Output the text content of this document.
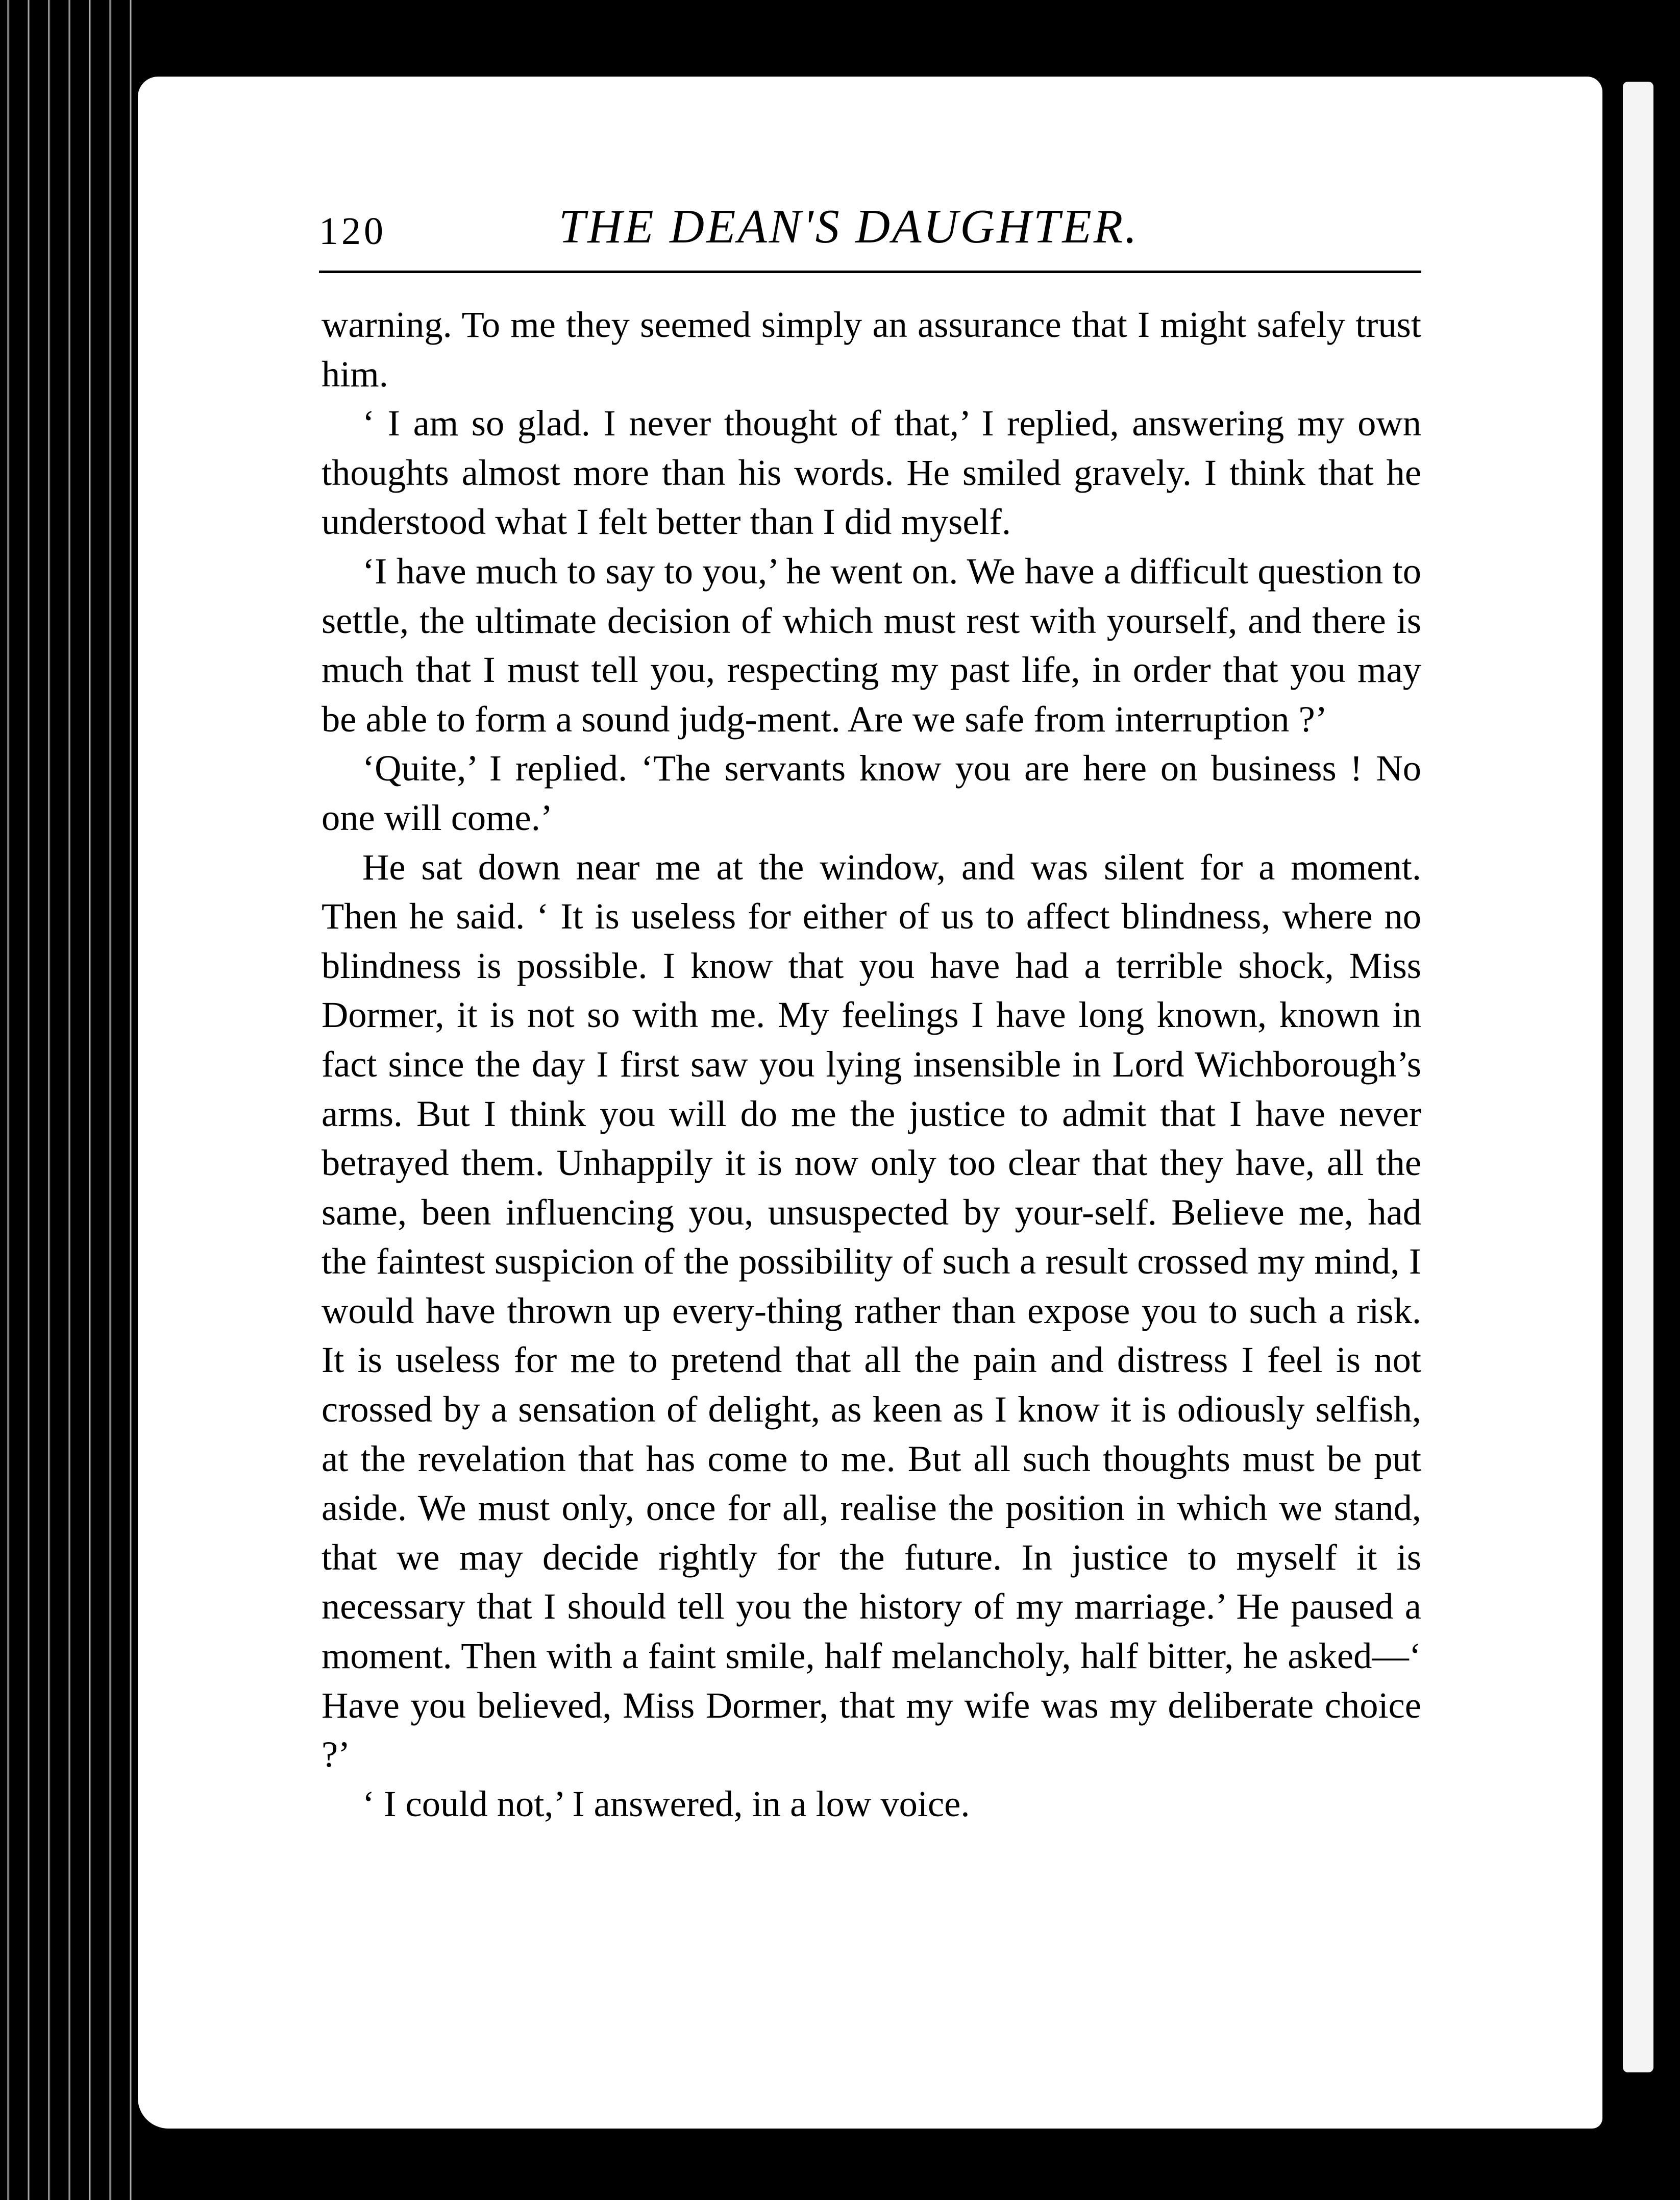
120	THE DEAN'S DAUGHTER.

warning. To me they seemed simply an assurance that I might safely trust him.

‘ I am so glad. I never thought of that,’ I replied, answering my own thoughts almost more than his words. He smiled gravely. I think that he understood what I felt better than I did myself.

‘I have much to say to you,’ he went on. We have a difficult question to settle, the ultimate decision of which must rest with yourself, and there is much that I must tell you, respecting my past life, in order that you may be able to form a sound judg-ment. Are we safe from interruption ?’

‘Quite,’ I replied. ‘The servants know you are here on business ! No one will come.’

He sat down near me at the window, and was silent for a moment. Then he said. ‘ It is useless for either of us to affect blindness, where no blindness is possible. I know that you have had a terrible shock, Miss Dormer, it is not so with me. My feelings I have long known, known in fact since the day I first saw you lying insensible in Lord Wichborough’s arms. But I think you will do me the justice to admit that I have never betrayed them. Unhappily it is now only too clear that they have, all the same, been influencing you, unsuspected by your-self. Believe me, had the faintest suspicion of the possibility of such a result crossed my mind, I would have thrown up every-thing rather than expose you to such a risk. It is useless for me to pretend that all the pain and distress I feel is not crossed by a sensation of delight, as keen as I know it is odiously selfish, at the revelation that has come to me. But all such thoughts must be put aside. We must only, once for all, realise the position in which we stand, that we may decide rightly for the future. In justice to myself it is necessary that I should tell you the history of my marriage.’ He paused a moment. Then with a faint smile, half melancholy, half bitter, he asked—‘ Have you believed, Miss Dormer, that my wife was my deliberate choice ?’

‘ I could not,’ I answered, in a low voice.
